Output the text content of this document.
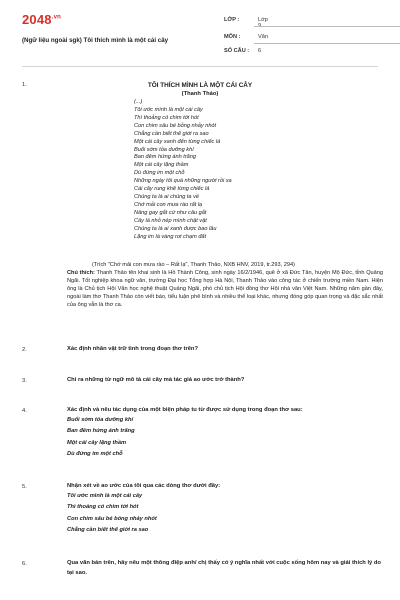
$2048^{.vn}$
(Ngữ liệu ngoài sgk) Tôi thích mình là một cái cây
LỚP :	Lớp 9
MÔN :	Văn
SỐ CÂU :	6
1.	TÔI THÍCH MÌNH LÀ MỘT CÁI CÂY
(Thanh Thảo)
(...)
Tôi ước mình là một cái cây
Thì thoảng có chim tới hót
Con chim sâu bé bỏng nhảy nhót
Chẳng cần biết thế giới ra sao
Một cái cây xanh đến từng chiếc lá
Buổi sớm tỏa dưỡng khí
Ban đêm hứng ánh trăng
Một cái cây lặng thầm
Dù đứng im một chỗ
Những ngày tôi quá những người rồi xa
Cái cây rung khẽ từng chiếc lá
Chúng ta là ai chúng ta về
Chớ mải con mưa rào rất lạ
Nâng gay gắt cứ như câu gắt
Cây lá nhỏ nép mình chật vật
Chúng ta là ai xanh được bao lâu
Lặng im lá vàng rơi chạm đất
(Trích "Chớ mải con mưa rào – Rất lạ", Thanh Thảo, NXB HNV, 2019, tr.293, 294)
Chú thích: Thanh Thảo tên khai sinh là Hồ Thành Công, sinh ngày 16/2/1946, quê ở xã Đức Tân, huyện Mộ Đức, tỉnh Quảng Ngãi. Tốt nghiệp khoa ngữ văn, trường Đại học Tổng hợp Hà Nội, Thanh Thảo vào công tác ở chiến trường miền Nam. Hiện ông là Chủ tịch Hội Văn học nghệ thuật Quảng Ngãi, phó chủ tịch Hội đồng thơ Hội nhà văn Việt Nam. Những năm gần đây, ngoài làm thơ Thanh Thảo còn viết báo, tiểu luận phê bình và nhiều thể loại khác, nhưng đóng góp quan trọng và đặc sắc nhất của ông vẫn là thơ ca.
2.	Xác định nhân vật trữ tình trong đoạn thơ trên?
3.	Chỉ ra những từ ngữ mô tả cái cây mà tác giả ao ước trở thành?
4.	Xác định và nêu tác dụng của một biện pháp tu từ được sử dụng trong đoạn thơ sau:
Buổi sớm tỏa dưỡng khí
Ban đêm hứng ánh trăng
Một cái cây lặng thầm
Dù đứng im một chỗ
5.	Nhận xét về ao ước của tôi qua các dòng thơ dưới đây:
Tôi ước mình là một cái cây
Thì thoảng có chim tới hót
Con chim sâu bé bỏng nhảy nhót
Chẳng cần biết thế giới ra sao
6.	Qua văn bản trên, hãy nêu một thông điệp anh/ chị thấy có ý nghĩa nhất với cuộc sống hôm nay và giải thích lý do tại sao.
